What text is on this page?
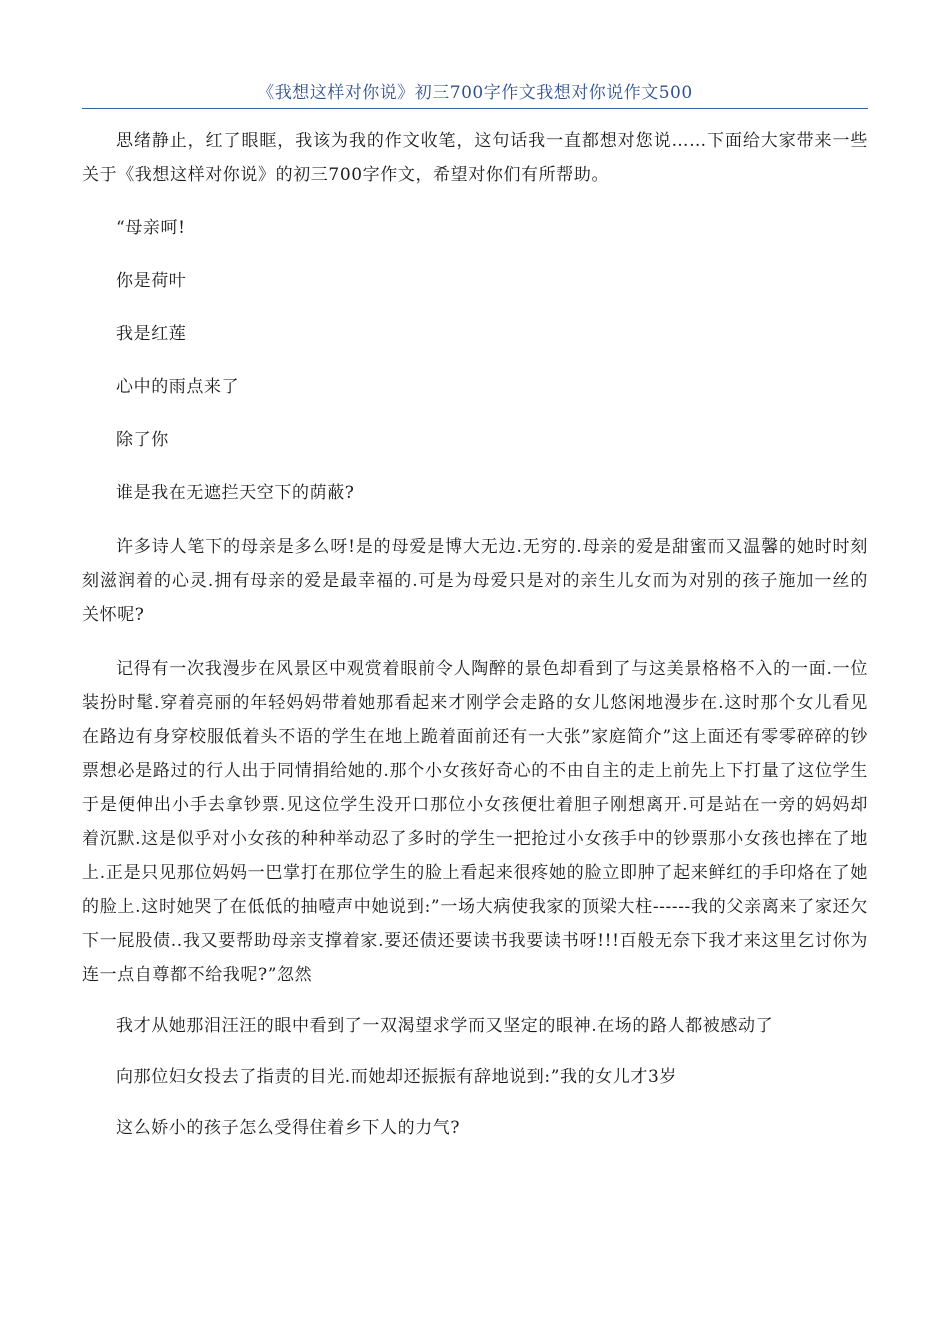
《我想这样对你说》初三700字作文我想对你说作文500

思绪静止，红了眼眶，我该为我的作文收笔，这句话我一直都想对您说……下面给大家带来一些关于《我想这样对你说》的初三700字作文，希望对你们有所帮助。

“母亲呵!

你是荷叶

我是红莲

心中的雨点来了

除了你

谁是我在无遮拦天空下的荫蔽?

许多诗人笔下的母亲是多么呀!是的母爱是博大无边.无穷的.母亲的爱是甜蜜而又温馨的她时时刻刻滋润着的心灵.拥有母亲的爱是最幸福的.可是为母爱只是对的亲生儿女而为对别的孩子施加一丝的关怀呢?

记得有一次我漫步在风景区中观赏着眼前令人陶醉的景色却看到了与这美景格格不入的一面.一位装扮时髦.穿着亮丽的年轻妈妈带着她那看起来才刚学会走路的女儿悠闲地漫步在.这时那个女儿看见在路边有身穿校服低着头不语的学生在地上跪着面前还有一大张”家庭简介”这上面还有零零碎碎的钞票想必是路过的行人出于同情捐给她的.那个小女孩好奇心的不由自主的走上前先上下打量了这位学生于是便伸出小手去拿钞票.见这位学生没开口那位小女孩便壮着胆子刚想离开.可是站在一旁的妈妈却着沉默.这是似乎对小女孩的种种举动忍了多时的学生一把抢过小女孩手中的钞票那小女孩也摔在了地上.正是只见那位妈妈一巴掌打在那位学生的脸上看起来很疼她的脸立即肿了起来鲜红的手印烙在了她的脸上.这时她哭了在低低的抽噎声中她说到:”一场大病使我家的顶梁大柱------我的父亲离来了家还欠下一屁股债..我又要帮助母亲支撑着家.要还债还要读书我要读书呀!!!百般无奈下我才来这里乞讨你为连一点自尊都不给我呢?”忽然

我才从她那泪汪汪的眼中看到了一双渴望求学而又坚定的眼神.在场的路人都被感动了

向那位妇女投去了指责的目光.而她却还振振有辞地说到:”我的女儿才3岁

这么娇小的孩子怎么受得住着乡下人的力气?
